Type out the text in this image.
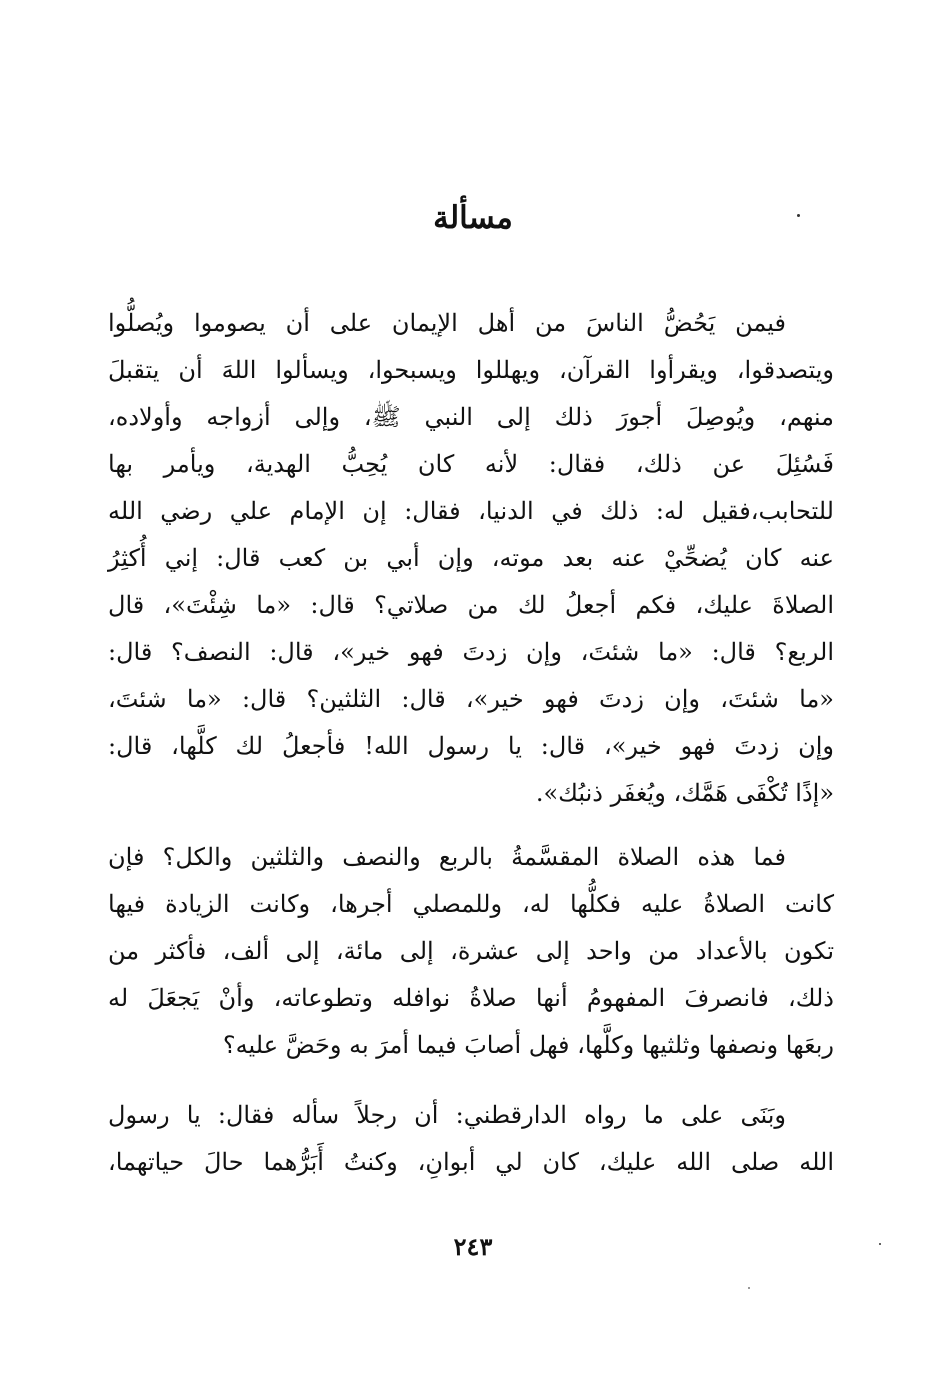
مسألة
فيمن يَحُضُّ الناسَ من أهل الإيمان على أن يصوموا ويُصلُّوا
ويتصدقوا، ويقرأوا القرآن، ويهللوا ويسبحوا، ويسألوا اللهَ أن يتقبلَ
منهم، ويُوصِلَ أجورَ ذلك إلى النبي ﷺ، وإلى أزواجه وأولاده،
فَسُئِلَ عن ذلك، فقال: لأنه كان يُحِبُّ الهدية، ويأمر بها
للتحابب،فقيل له: ذلك في الدنيا، فقال: إن الإمام علي رضي الله
عنه كان يُضحِّيْ عنه بعد موته، وإن أبي بن كعب قال: إني أُكثِرُ
الصلاةَ عليك، فكم أجعلُ لك من صلاتي؟ قال: «ما شِئْتَ»، قال
الربع؟ قال: «ما شئتَ، وإن زدتَ فهو خير»، قال: النصف؟ قال:
«ما شئتَ، وإن زدتَ فهو خير»، قال: الثلثين؟ قال: «ما شئتَ،
وإن زدتَ فهو خير»، قال: يا رسول الله! فأجعلُ لك كلَّها، قال:
«إذًا تُكْفَى هَمَّك، ويُغفَر ذنبُك».
فما هذه الصلاة المقسَّمةُ بالربع والنصف والثلثين والكل؟ فإن
كانت الصلاةُ عليه فكلُّها له، وللمصلي أجرها، وكانت الزيادة فيها
تكون بالأعداد من واحد إلى عشرة، إلى مائة، إلى ألف، فأكثر من
ذلك، فانصرفَ المفهومُ أنها صلاةُ نوافله وتطوعاته، وأنْ يَجعَلَ له
ربعَها ونصفها وثلثيها وكلَّها، فهل أصابَ فيما أمرَ به وحَضَّ عليه؟
وبَنَى على ما رواه الدارقطني: أن رجلاً سأله فقال: يا رسول
الله صلى الله عليك، كان لي أبوانِ، وكنتُ أَبَرُّهما حالَ حياتهما،
٢٤٣
